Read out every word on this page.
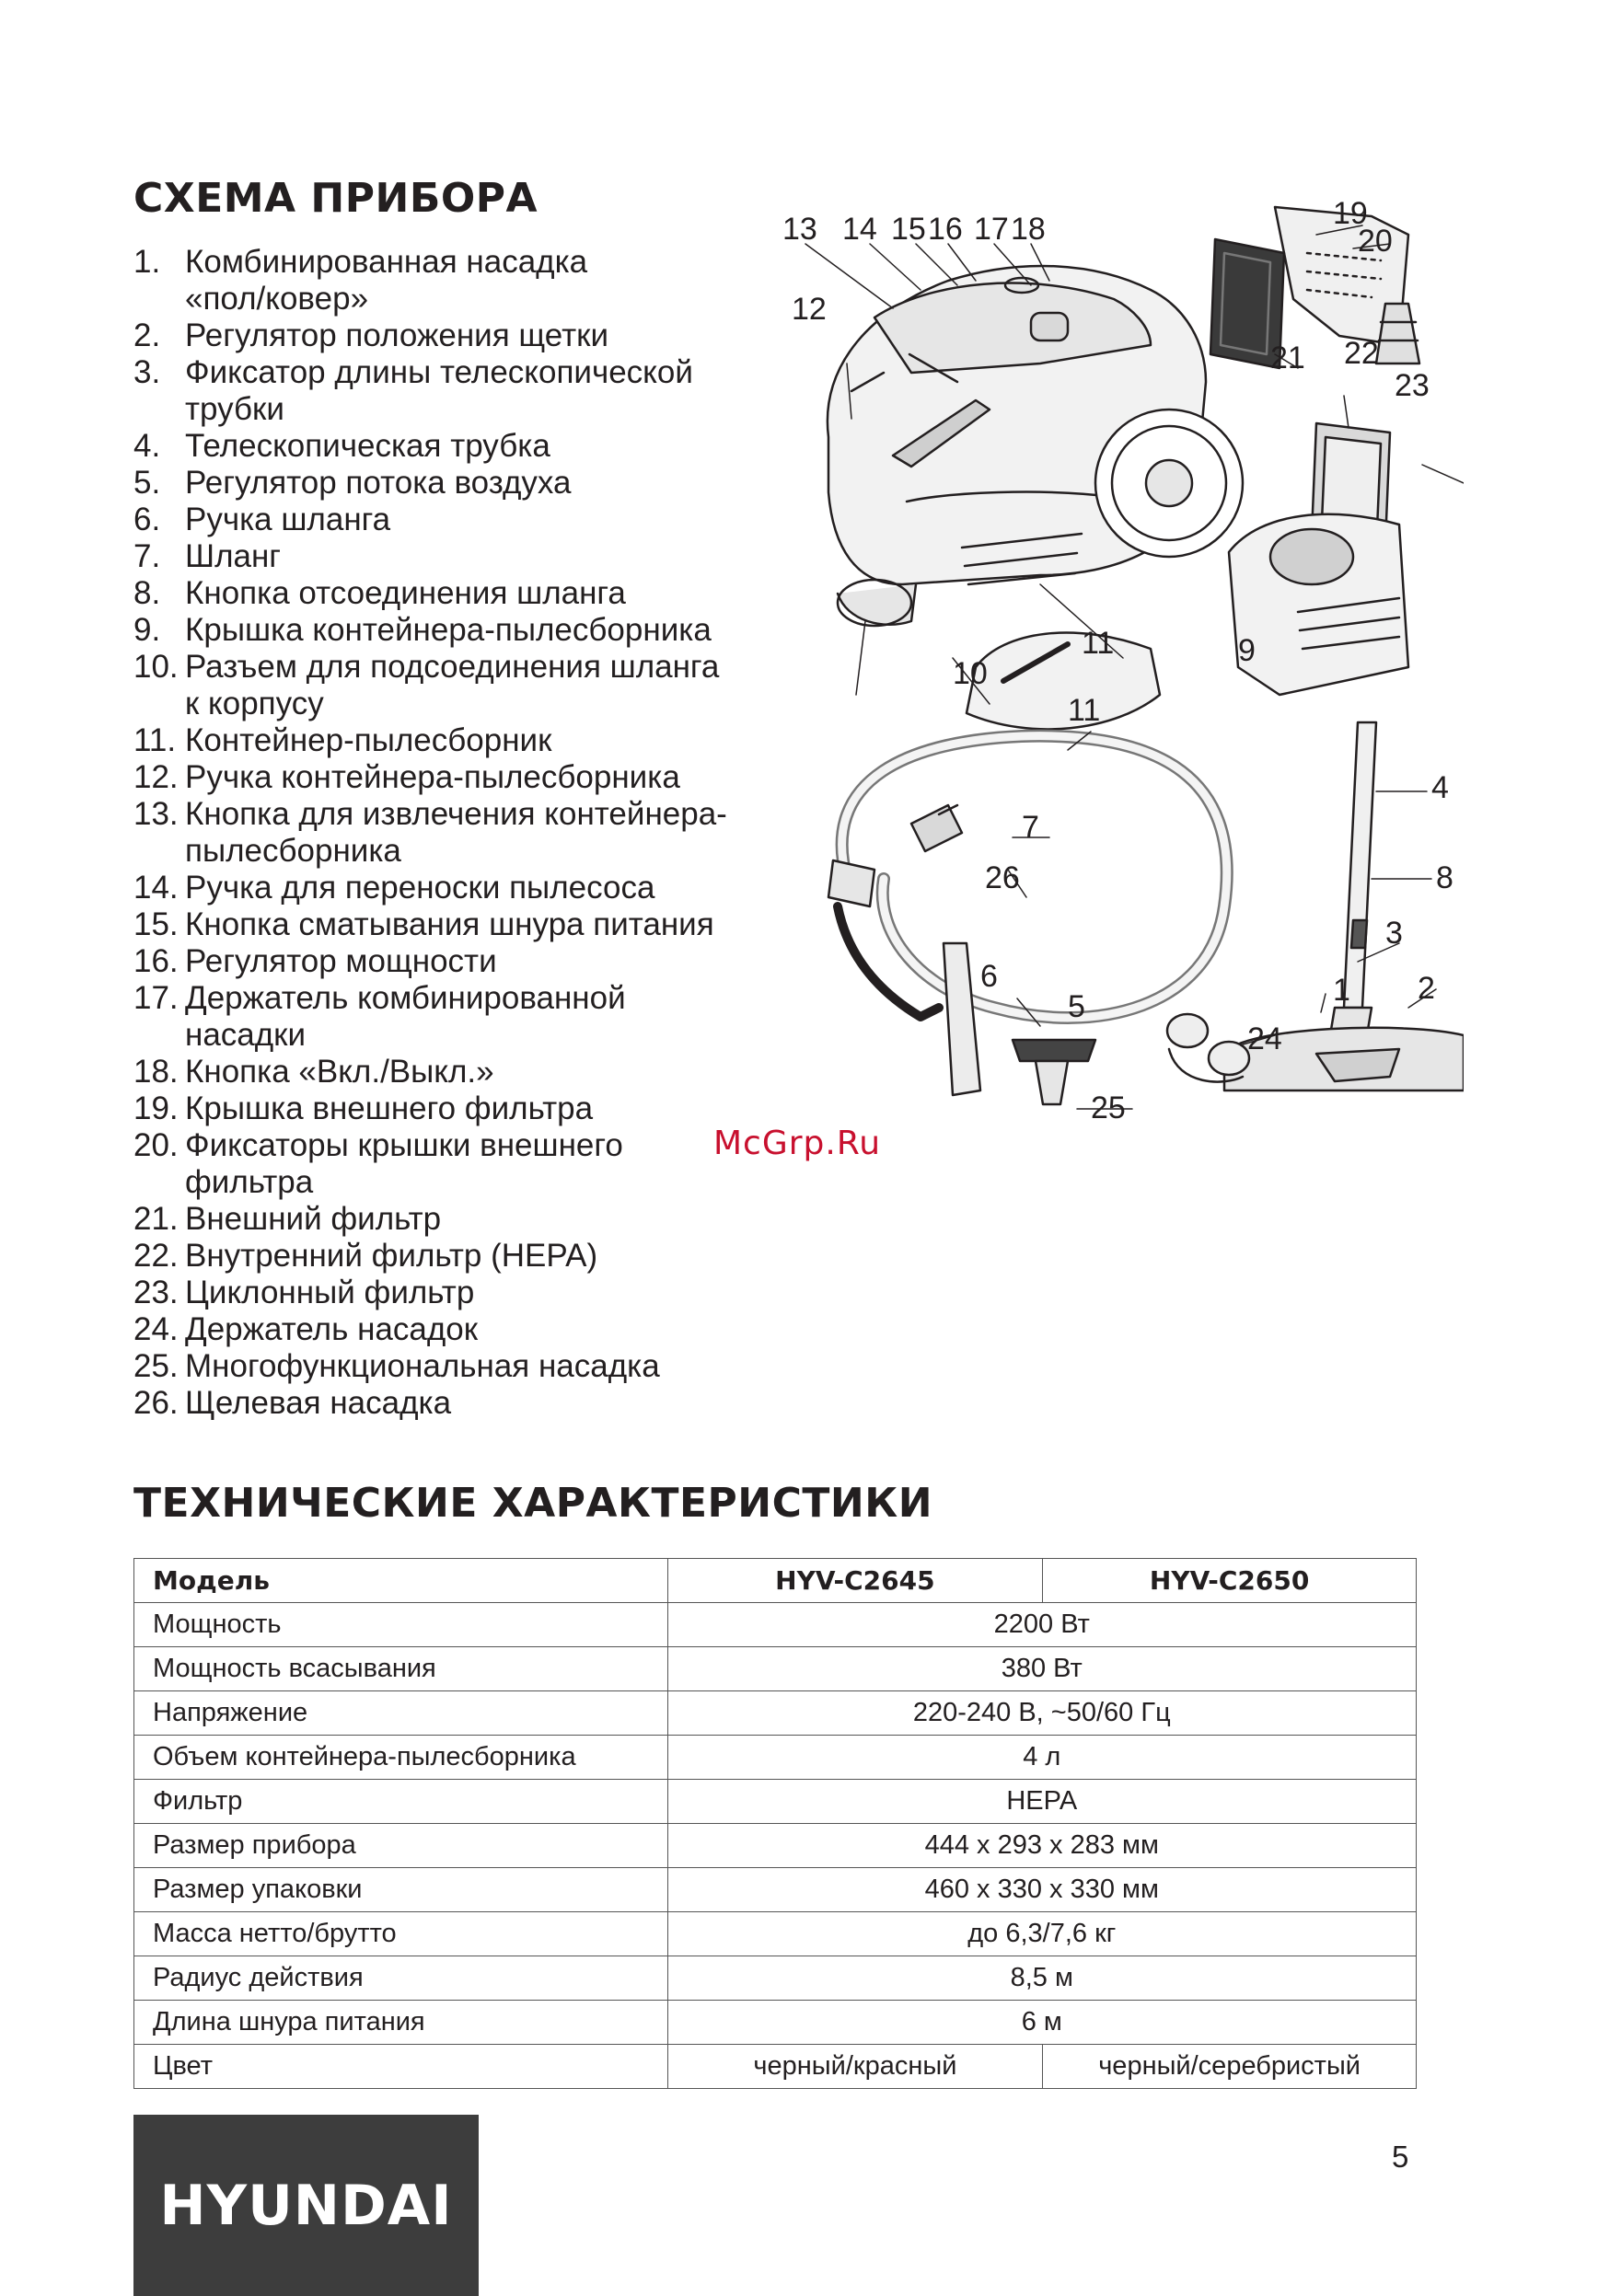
СХЕМА ПРИБОРА
1. Комбинированная насадка
«пол/ковер»
2. Регулятор положения щетки
3. Фиксатор длины телескопической
трубки
4. Телескопическая трубка
5. Регулятор потока воздуха
6. Ручка шланга
7. Шланг
8. Кнопка отсоединения шланга
9. Крышка контейнера-пылесборника
10. Разъем для подсоединения шланга
к корпусу
11. Контейнер-пылесборник
12. Ручка контейнера-пылесборника
13. Кнопка для извлечения контейнера-
пылесборника
14. Ручка для переноски пылесоса
15. Кнопка сматывания шнура питания
16. Регулятор мощности
17. Держатель комбинированной
насадки
18. Кнопка «Вкл./Выкл.»
19. Крышка внешнего фильтра
20. Фиксаторы крышки внешнего
фильтра
21. Внешний фильтр
22. Внутренний фильтр (HEPA)
23. Циклонный фильтр
24. Держатель насадок
25. Многофункциональная насадка
26. Щелевая насадка
13 14 15 16 17 18	19
20
12
21 22
23
11	9
10
11
4
7
8
26
3
6	1 2
5
24
25
McGrp.Ru
ТЕХНИЧЕСКИЕ ХАРАКТЕРИСТИКИ
Модель	HYV-C2645	HYV-C2650
Мощность	2200 Вт	
Мощность всасывания	380 Вт	
Напряжение	220-240 В, ~50/60 Гц	
Объем контейнера-пылесборника	4 л	
Фильтр	HEPA	
Размер прибора	444 x 293 x 283 мм	
Размер упаковки	460 x 330 x 330 мм	
Масса нетто/брутто	до 6,3/7,6 кг	
Радиус действия	8,5 м	
Длина шнура питания	6 м	
Цвет	черный/красный	черный/серебристый
HYUNDAI
5
